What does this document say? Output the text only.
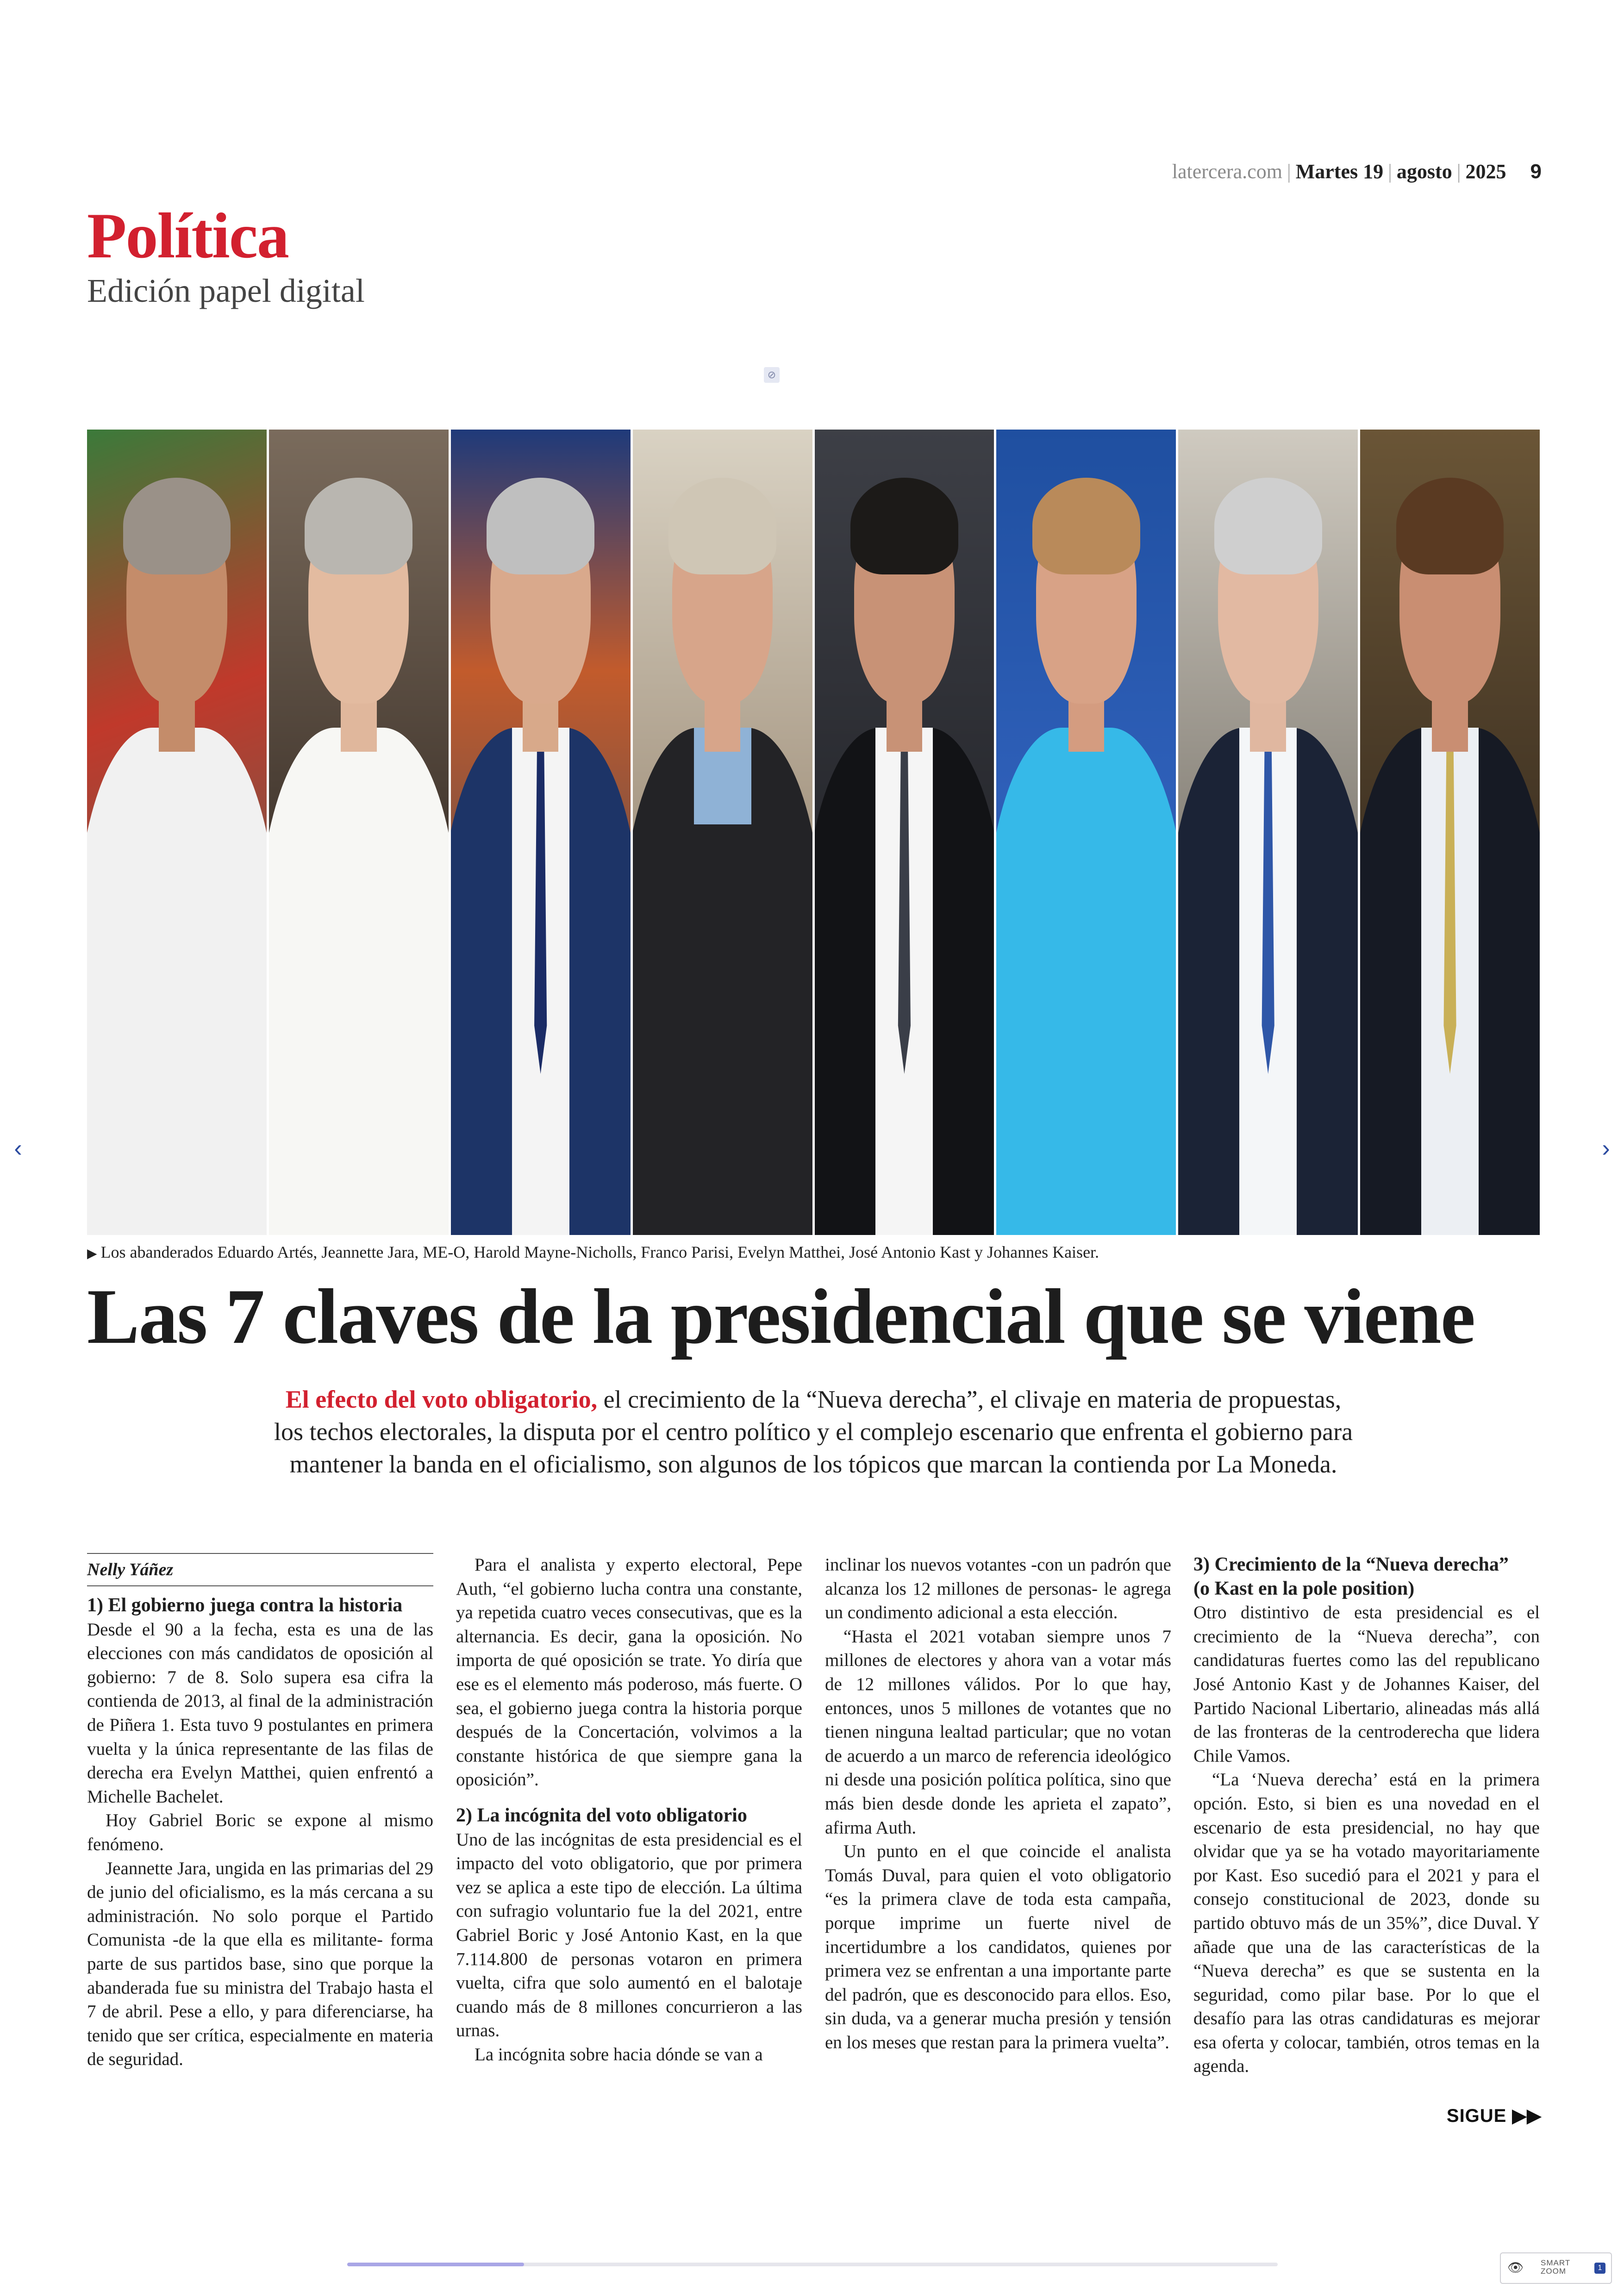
latercera.com | Martes 19 | agosto | 2025 9
Política
Edición papel digital
⊘
‹	›
▶ Los abanderados Eduardo Artés, Jeannette Jara, ME-O, Harold Mayne-Nicholls, Franco Parisi, Evelyn Matthei, José Antonio Kast y Johannes Kaiser.
Las 7 claves de la presidencial que se viene
El efecto del voto obligatorio, el crecimiento de la “Nueva derecha”, el clivaje en materia de propuestas,
los techos electorales, la disputa por el centro político y el complejo escenario que enfrenta el gobierno para
mantener la banda en el oficialismo, son algunos de los tópicos que marcan la contienda por La Moneda.
Nelly Yáñez
1) El gobierno juega contra la historia

Desde el 90 a la fecha, esta es una de las elecciones con más candidatos de oposición al gobierno: 7 de 8. Solo supera esa cifra la contienda de 2013, al final de la administración de Piñera 1. Esta tuvo 9 postulantes en primera vuelta y la única representante de las filas de derecha era Evelyn Matthei, quien enfrentó a Michelle Bachelet.

Hoy Gabriel Boric se expone al mismo fenómeno.

Jeannette Jara, ungida en las primarias del 29 de junio del oficialismo, es la más cercana a su administración. No solo porque el Partido Comunista -de la que ella es militante- forma parte de sus partidos base, sino que porque la abanderada fue su ministra del Trabajo hasta el 7 de abril. Pese a ello, y para diferenciarse, ha tenido que ser crítica, especialmente en materia de seguridad.

Para el analista y experto electoral, Pepe Auth, “el gobierno lucha contra una constante, ya repetida cuatro veces consecutivas, que es la alternancia. Es decir, gana la oposición. No importa de qué oposición se trate. Yo diría que ese es el elemento más poderoso, más fuerte. O sea, el gobierno juega contra la historia porque después de la Concertación, volvimos a la constante histórica de que siempre gana la oposición”.

2) La incógnita del voto obligatorio

Uno de las incógnitas de esta presidencial es el impacto del voto obligatorio, que por primera vez se aplica a este tipo de elección. La última con sufragio voluntario fue la del 2021, entre Gabriel Boric y José Antonio Kast, en la que 7.114.800 de personas votaron en primera vuelta, cifra que solo aumentó en el balotaje cuando más de 8 millones concurrieron a las urnas.

La incógnita sobre hacia dónde se van a

inclinar los nuevos votantes -con un padrón que alcanza los 12 millones de personas- le agrega un condimento adicional a esta elección.

“Hasta el 2021 votaban siempre unos 7 millones de electores y ahora van a votar más de 12 millones válidos. Por lo que hay, entonces, unos 5 millones de votantes que no tienen ninguna lealtad particular; que no votan de acuerdo a un marco de referencia ideológico ni desde una posición política política, sino que más bien desde donde les aprieta el zapato”, afirma Auth.

Un punto en el que coincide el analista Tomás Duval, para quien el voto obligatorio “es la primera clave de toda esta campaña, porque imprime un fuerte nivel de incertidumbre a los candidatos, quienes por primera vez se enfrentan a una importante parte del padrón, que es desconocido para ellos. Eso, sin duda, va a generar mucha presión y tensión en los meses que restan para la primera vuelta”.

3) Crecimiento de la “Nueva derecha”
(o Kast en la pole position)

Otro distintivo de esta presidencial es el crecimiento de la “Nueva derecha”, con candidaturas fuertes como las del republicano José Antonio Kast y de Johannes Kaiser, del Partido Nacional Libertario, alineadas más allá de las fronteras de la centroderecha que lidera Chile Vamos.

“La ‘Nueva derecha’ está en la primera opción. Esto, si bien es una novedad en el escenario de esta presidencial, no hay que olvidar que ya se ha votado mayoritariamente por Kast. Eso sucedió para el 2021 y para el consejo constitucional de 2023, donde su partido obtuvo más de un 35%”, dice Duval. Y añade que una de las características de la “Nueva derecha” es que se sustenta en la seguridad, como pilar base. Por lo que el desafío para las otras candidaturas es mejorar esa oferta y colocar, también, otros temas en la agenda.

SIGUE ▶▶
👁 SMART
ZOOM	1
